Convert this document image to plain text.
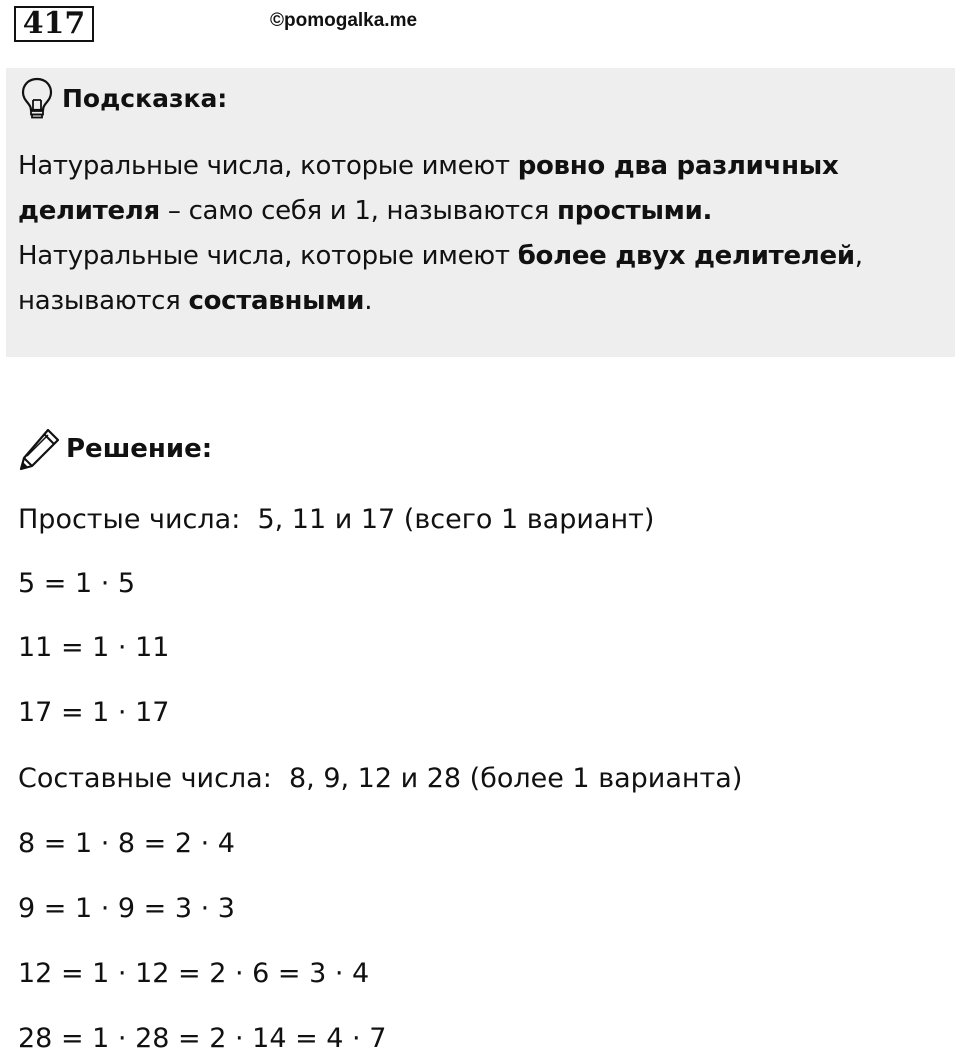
417	©pomogalka.me
Подсказка:
Натуральные числа, которые имеют ровно два различных делителя – само себя и 1, называются простыми.
Натуральные числа, которые имеют более двух делителей, называются составными.
Решение:
Простые числа:  5, 11 и 17 (всего 1 вариант)
5 = 1 · 5
11 = 1 · 11
17 = 1 · 17
Составные числа:  8, 9, 12 и 28 (более 1 варианта)
8 = 1 · 8 = 2 · 4
9 = 1 · 9 = 3 · 3
12 = 1 · 12 = 2 · 6 = 3 · 4
28 = 1 · 28 = 2 · 14 = 4 · 7
